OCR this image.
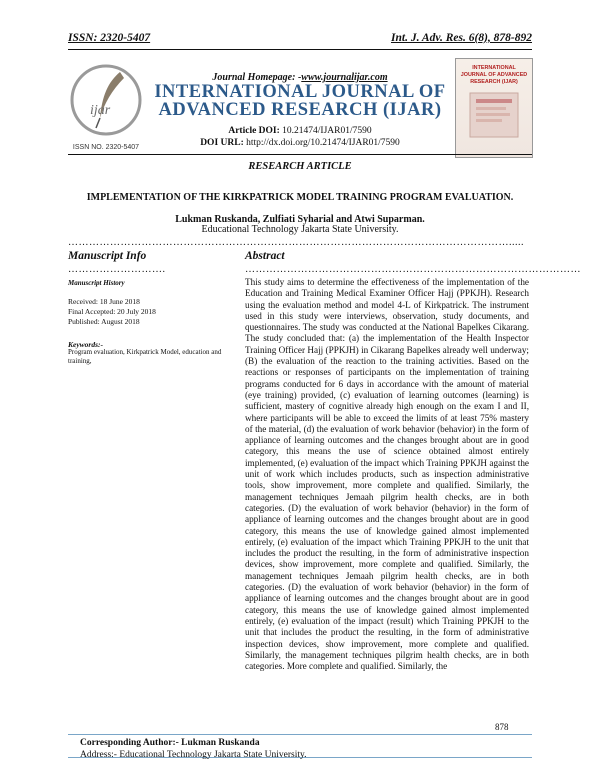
ISSN: 2320-5407	Int. J. Adv. Res. 6(8), 878-892
ijar
ISSN NO. 2320-5407
INTERNATIONAL JOURNAL OF ADVANCED RESEARCH (IJAR)
Journal Homepage: -www.journalijar.com
INTERNATIONAL JOURNAL OF
ADVANCED RESEARCH (IJAR)
Article DOI: 10.21474/IJAR01/7590
DOI URL: http://dx.doi.org/10.21474/IJAR01/7590
RESEARCH ARTICLE
IMPLEMENTATION OF THE KIRKPATRICK MODEL TRAINING PROGRAM EVALUATION.
Lukman Ruskanda, Zulfiati Syharial and Atwi Suparman.
Educational Technology Jakarta State University.
……………………………………………………………………………………………………………….....
Manuscript Info	Abstract
……………………….	……………………………………………………………………………………
Manuscript History
Received: 18 June 2018
Final Accepted: 20 July 2018
Published: August 2018
Keywords:-
Program evaluation, Kirkpatrick Model, education and training,
This study aims to determine the effectiveness of the implementation of the Education and Training Medical Examiner Officer Hajj (PPKJH). Research using the evaluation method and model 4-L of Kirkpatrick. The instrument used in this study were interviews, observation, study documents, and questionnaires. The study was conducted at the National Bapelkes Cikarang. The study concluded that: (a) the implementation of the Health Inspector Training Officer Hajj (PPKJH) in Cikarang Bapelkes already well underway; (B) the evaluation of the reaction to the training activities. Based on the reactions or responses of participants on the implementation of training programs conducted for 6 days in accordance with the amount of material (eye training) provided, (c) evaluation of learning outcomes (learning) is sufficient, mastery of cognitive already high enough on the exam I and II, where participants will be able to exceed the limits of at least 75% mastery of the material, (d) the evaluation of work behavior (behavior) in the form of appliance of learning outcomes and the changes brought about are in good category, this means the use of science obtained almost entirely implemented, (e) evaluation of the impact which Training PPKJH against the unit of work which includes products, such as inspection administrative tools, show improvement, more complete and qualified. Similarly, the management techniques Jemaah pilgrim health checks, are in both categories. (D) the evaluation of work behavior (behavior) in the form of appliance of learning outcomes and the changes brought about are in good category, this means the use of knowledge gained almost implemented entirely, (e) evaluation of the impact which Training PPKJH to the unit that includes the product the resulting, in the form of administrative inspection devices, show improvement, more complete and qualified. Similarly, the management techniques Jemaah pilgrim health checks, are in both categories. (D) the evaluation of work behavior (behavior) in the form of appliance of learning outcomes and the changes brought about are in good category, this means the use of knowledge gained almost implemented entirely, (e) evaluation of the impact (result) which Training PPKJH to the unit that includes the product the resulting, in the form of administrative inspection devices, show improvement, more complete and qualified. Similarly, the management techniques pilgrim health checks, are in both categories. More complete and qualified. Similarly, the
878
Corresponding Author:- Lukman Ruskanda
Address:- Educational Technology Jakarta State University.
